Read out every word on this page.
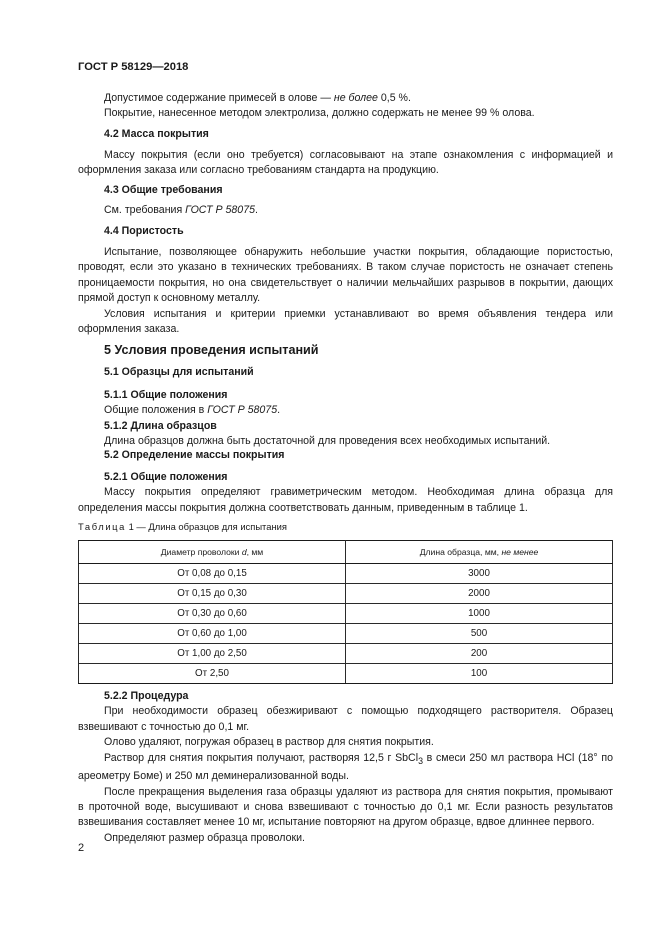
ГОСТ Р 58129—2018

Допустимое содержание примесей в олове — не более 0,5 %.

Покрытие, нанесенное методом электролиза, должно содержать не менее 99 % олова.

4.2 Масса покрытия

Массу покрытия (если оно требуется) согласовывают на этапе ознакомления с информацией и оформления заказа или согласно требованиям стандарта на продукцию.

4.3 Общие требования

См. требования ГОСТ Р 58075.

4.4 Пористость

Испытание, позволяющее обнаружить небольшие участки покрытия, обладающие пористостью, проводят, если это указано в технических требованиях. В таком случае пористость не означает степень проницаемости покрытия, но она свидетельствует о наличии мельчайших разрывов в покрытии, дающих прямой доступ к основному металлу.

Условия испытания и критерии приемки устанавливают во время объявления тендера или оформления заказа.

5 Условия проведения испытаний

5.1 Образцы для испытаний

5.1.1 Общие положения

Общие положения в ГОСТ Р 58075.

5.1.2 Длина образцов

Длина образцов должна быть достаточной для проведения всех необходимых испытаний.

5.2 Определение массы покрытия

5.2.1 Общие положения

Массу покрытия определяют гравиметрическим методом. Необходимая длина образца для определения массы покрытия должна соответствовать данным, приведенным в таблице 1.

Таблица 1 — Длина образцов для испытания
Диаметр проволоки d, мм	Длина образца, мм, не менее
От 0,08 до 0,15	3000
От 0,15 до 0,30	2000
От 0,30 до 0,60	1000
От 0,60 до 1,00	500
От 1,00 до 2,50	200
От 2,50	100

5.2.2 Процедура

При необходимости образец обезжиривают с помощью подходящего растворителя. Образец взвешивают с точностью до 0,1 мг.

Олово удаляют, погружая образец в раствор для снятия покрытия.

Раствор для снятия покрытия получают, растворяя 12,5 г SbCl$_3$ в смеси 250 мл раствора HCl (18° по ареометру Боме) и 250 мл деминерализованной воды.

После прекращения выделения газа образцы удаляют из раствора для снятия покрытия, промывают в проточной воде, высушивают и снова взвешивают с точностью до 0,1 мг. Если разность результатов взвешивания составляет менее 10 мг, испытание повторяют на другом образце, вдвое длиннее первого.

Определяют размер образца проволоки.

2
